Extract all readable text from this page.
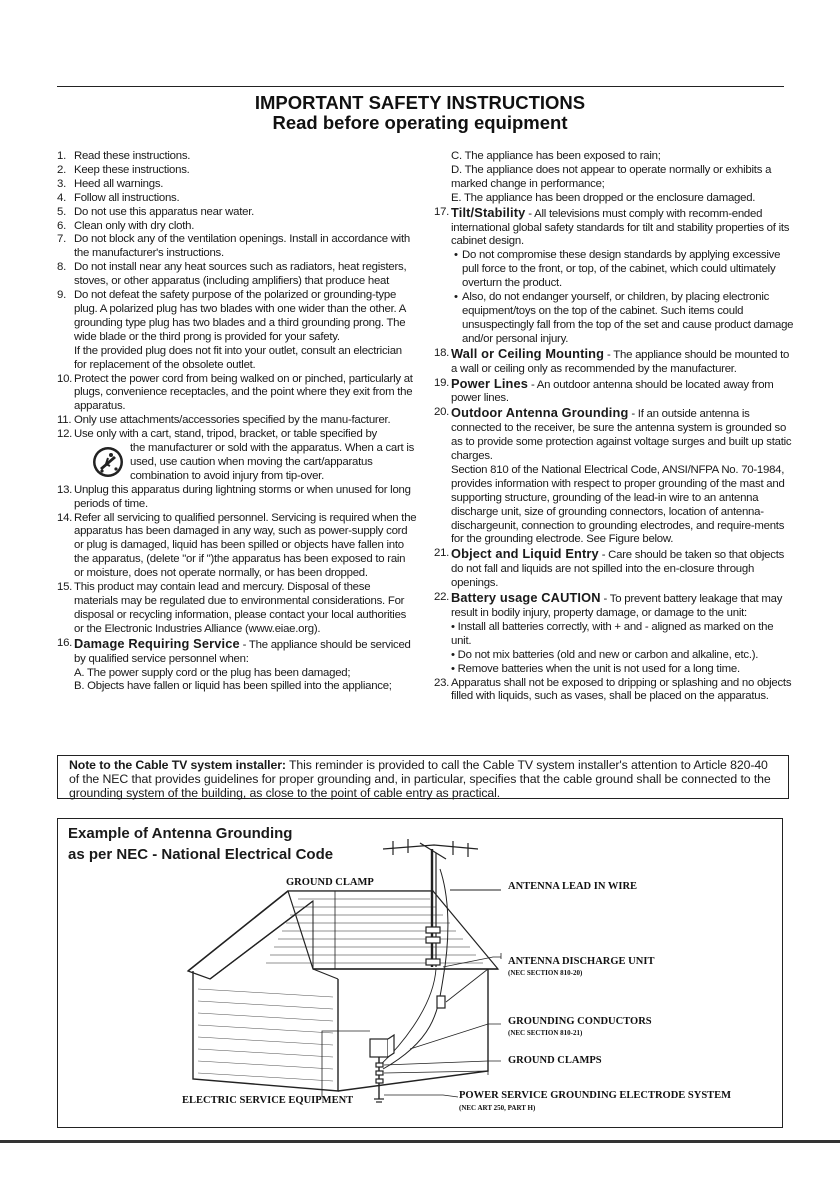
IMPORTANT SAFETY INSTRUCTIONS
Read before operating equipment
1. Read these instructions.
2. Keep these instructions.
3. Heed all warnings.
4. Follow all instructions.
5. Do not use this apparatus near water.
6. Clean only with dry cloth.
7. Do not block any of the ventilation openings. Install in accordance with the manufacturer's instructions.
8. Do not install near any heat sources such as radiators, heat registers, stoves, or other apparatus (including amplifiers) that produce heat
9. Do not defeat the safety purpose of the polarized or grounding-type plug. A polarized plug has two blades with one wider than the other. A grounding type plug has two blades and a third grounding prong. The wide blade or the third prong is provided for your safety.
If the provided plug does not fit into your outlet, consult an electrician for replacement of the obsolete outlet.
10. Protect the power cord from being walked on or pinched, particularly at plugs, convenience receptacles, and the point where they exit from the apparatus.
11. Only use attachments/accessories specified by the manu-facturer.
12. Use only with a cart, stand, tripod, bracket, or table specified by
the manufacturer or sold with the apparatus. When a cart is used, use caution when moving the cart/apparatus combination to avoid injury from tip-over.
13. Unplug this apparatus during lightning storms or when unused for long periods of time.
14. Refer all servicing to qualified personnel. Servicing is required when the apparatus has been damaged in any way, such as power-supply cord or plug is damaged, liquid has been spilled or objects have fallen into the apparatus, (delete "or if ")the apparatus has been exposed to rain or moisture, does not operate normally, or has been dropped.
15. This product may contain lead and mercury. Disposal of these materials may be regulated due to environmental considerations. For disposal or recycling information, please contact your local authorities or the Electronic Industries Alliance (www.eiae.org).
16. Damage Requiring Service - The appliance should be serviced by qualified service personnel when:
A. The power supply cord or the plug has been damaged;
B. Objects have fallen or liquid has been spilled into the appliance;
C. The appliance has been exposed to rain;
D. The appliance does not appear to operate normally or exhibits a marked change in performance;
E. The appliance has been dropped or the enclosure damaged.
17. Tilt/Stability - All televisions must comply with recomm-ended international global safety standards for tilt and stability properties of its cabinet design.
• Do not compromise these design standards by applying excessive pull force to the front, or top, of the cabinet, which could ultimately overturn the product.
• Also, do not endanger yourself, or children, by placing electronic equipment/toys on the top of the cabinet. Such items could unsuspectingly fall from the top of the set and cause product damage and/or personal injury.
18. Wall or Ceiling Mounting - The appliance should be mounted to a wall or ceiling only as recommended by the manufacturer.
19. Power Lines - An outdoor antenna should be located away from power lines.
20. Outdoor Antenna Grounding - If an outside antenna is connected to the receiver, be sure the antenna system is grounded so as to provide some protection against voltage surges and built up static charges.
Section 810 of the National Electrical Code, ANSI/NFPA No. 70-1984, provides information with respect to proper grounding of the mast and supporting structure, grounding of the lead-in wire to an antenna discharge unit, size of grounding connectors, location of antenna-dischargeunit, connection to grounding electrodes, and require-ments for the grounding electrode. See Figure below.
21. Object and Liquid Entry - Care should be taken so that objects do not fall and liquids are not spilled into the en-closure through openings.
22. Battery usage CAUTION - To prevent battery leakage that may result in bodily injury, property damage, or damage to the unit:
• Install all batteries correctly, with + and - aligned as marked on the unit.
• Do not mix batteries (old and new or carbon and alkaline, etc.).
• Remove batteries when the unit is not used for a long time.
23. Apparatus shall not be exposed to dripping or splashing and no objects filled with liquids, such as vases, shall be placed on the apparatus.
Note to the Cable TV system installer: This reminder is provided to call the Cable TV system installer's attention to Article 820-40 of the NEC that provides guidelines for proper grounding and, in particular, specifies that the cable ground shall be connected to the grounding system of the building, as close to the point of cable entry as practical.
Example of Antenna Grounding
as per NEC - National Electrical Code
GROUND CLAMP	ANTENNA LEAD IN WIRE
ANTENNA DISCHARGE UNIT
(NEC SECTION 810-20)
GROUNDING CONDUCTORS
(NEC SECTION 810-21)
GROUND CLAMPS
ELECTRIC SERVICE EQUIPMENT	POWER SERVICE GROUNDING ELECTRODE SYSTEM
(NEC ART 250, PART H)
